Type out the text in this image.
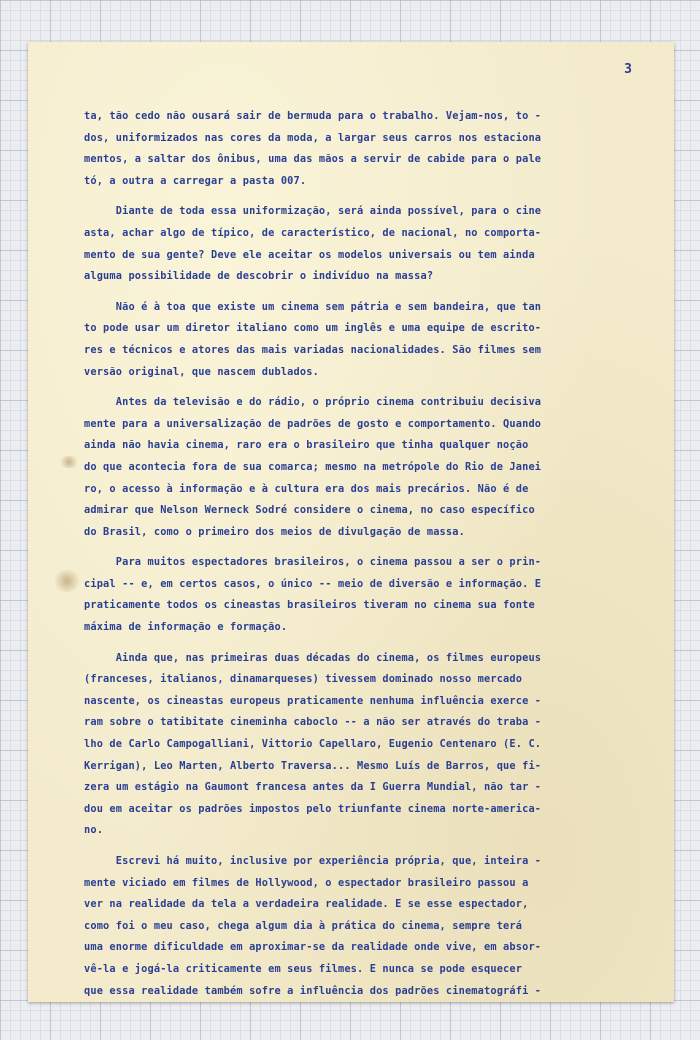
3
ta, tão cedo não ousará sair de bermuda para o trabalho. Vejam-nos, to -
dos, uniformizados nas cores da moda, a largar seus carros nos estaciona
mentos, a saltar dos ônibus, uma das mãos a servir de cabide para o pale
tó, a outra a carregar a pasta 007.
Diante de toda essa uniformização, será ainda possível, para o cine
asta, achar algo de típico, de característico, de nacional, no comporta-
mento de sua gente? Deve ele aceitar os modelos universais ou tem ainda
alguma possibilidade de descobrir o indivíduo na massa?
Não é à toa que existe um cinema sem pátria e sem bandeira, que tan
to pode usar um diretor italiano como um inglês e uma equipe de escrito-
res e técnicos e atores das mais variadas nacionalidades. São filmes sem
versão original, que nascem dublados.
Antes da televisão e do rádio, o próprio cinema contribuiu decisiva
mente para a universalização de padrões de gosto e comportamento. Quando
ainda não havia cinema, raro era o brasileiro que tinha qualquer noção
do que acontecia fora de sua comarca; mesmo na metrópole do Rio de Janei
ro, o acesso à informação e à cultura era dos mais precários. Não é de
admirar que Nelson Werneck Sodré considere o cinema, no caso específico
do Brasil, como o primeiro dos meios de divulgação de massa.
Para muitos espectadores brasileiros, o cinema passou a ser o prin-
cipal -- e, em certos casos, o único -- meio de diversão e informação. E
praticamente todos os cineastas brasileiros tiveram no cinema sua fonte
máxima de informação e formação.
Ainda que, nas primeiras duas décadas do cinema, os filmes europeus
(franceses, italianos, dinamarqueses) tivessem dominado nosso mercado
nascente, os cineastas europeus praticamente nenhuma influência exerce -
ram sobre o tatibitate cineminha caboclo -- a não ser através do traba -
lho de Carlo Campogalliani, Vittorio Capellaro, Eugenio Centenaro (E. C.
Kerrigan), Leo Marten, Alberto Traversa... Mesmo Luís de Barros, que fi-
zera um estágio na Gaumont francesa antes da I Guerra Mundial, não tar -
dou em aceitar os padrões impostos pelo triunfante cinema norte-america-
no.
Escrevi há muito, inclusive por experiência própria, que, inteira -
mente viciado em filmes de Hollywood, o espectador brasileiro passou a
ver na realidade da tela a verdadeira realidade. E se esse espectador,
como foi o meu caso, chega algum dia à prática do cinema, sempre terá
uma enorme dificuldade em aproximar-se da realidade onde vive, em absor-
vê-la e jogá-la criticamente em seus filmes. E nunca se pode esquecer
que essa realidade também sofre a influência dos padrões cinematográfi -
